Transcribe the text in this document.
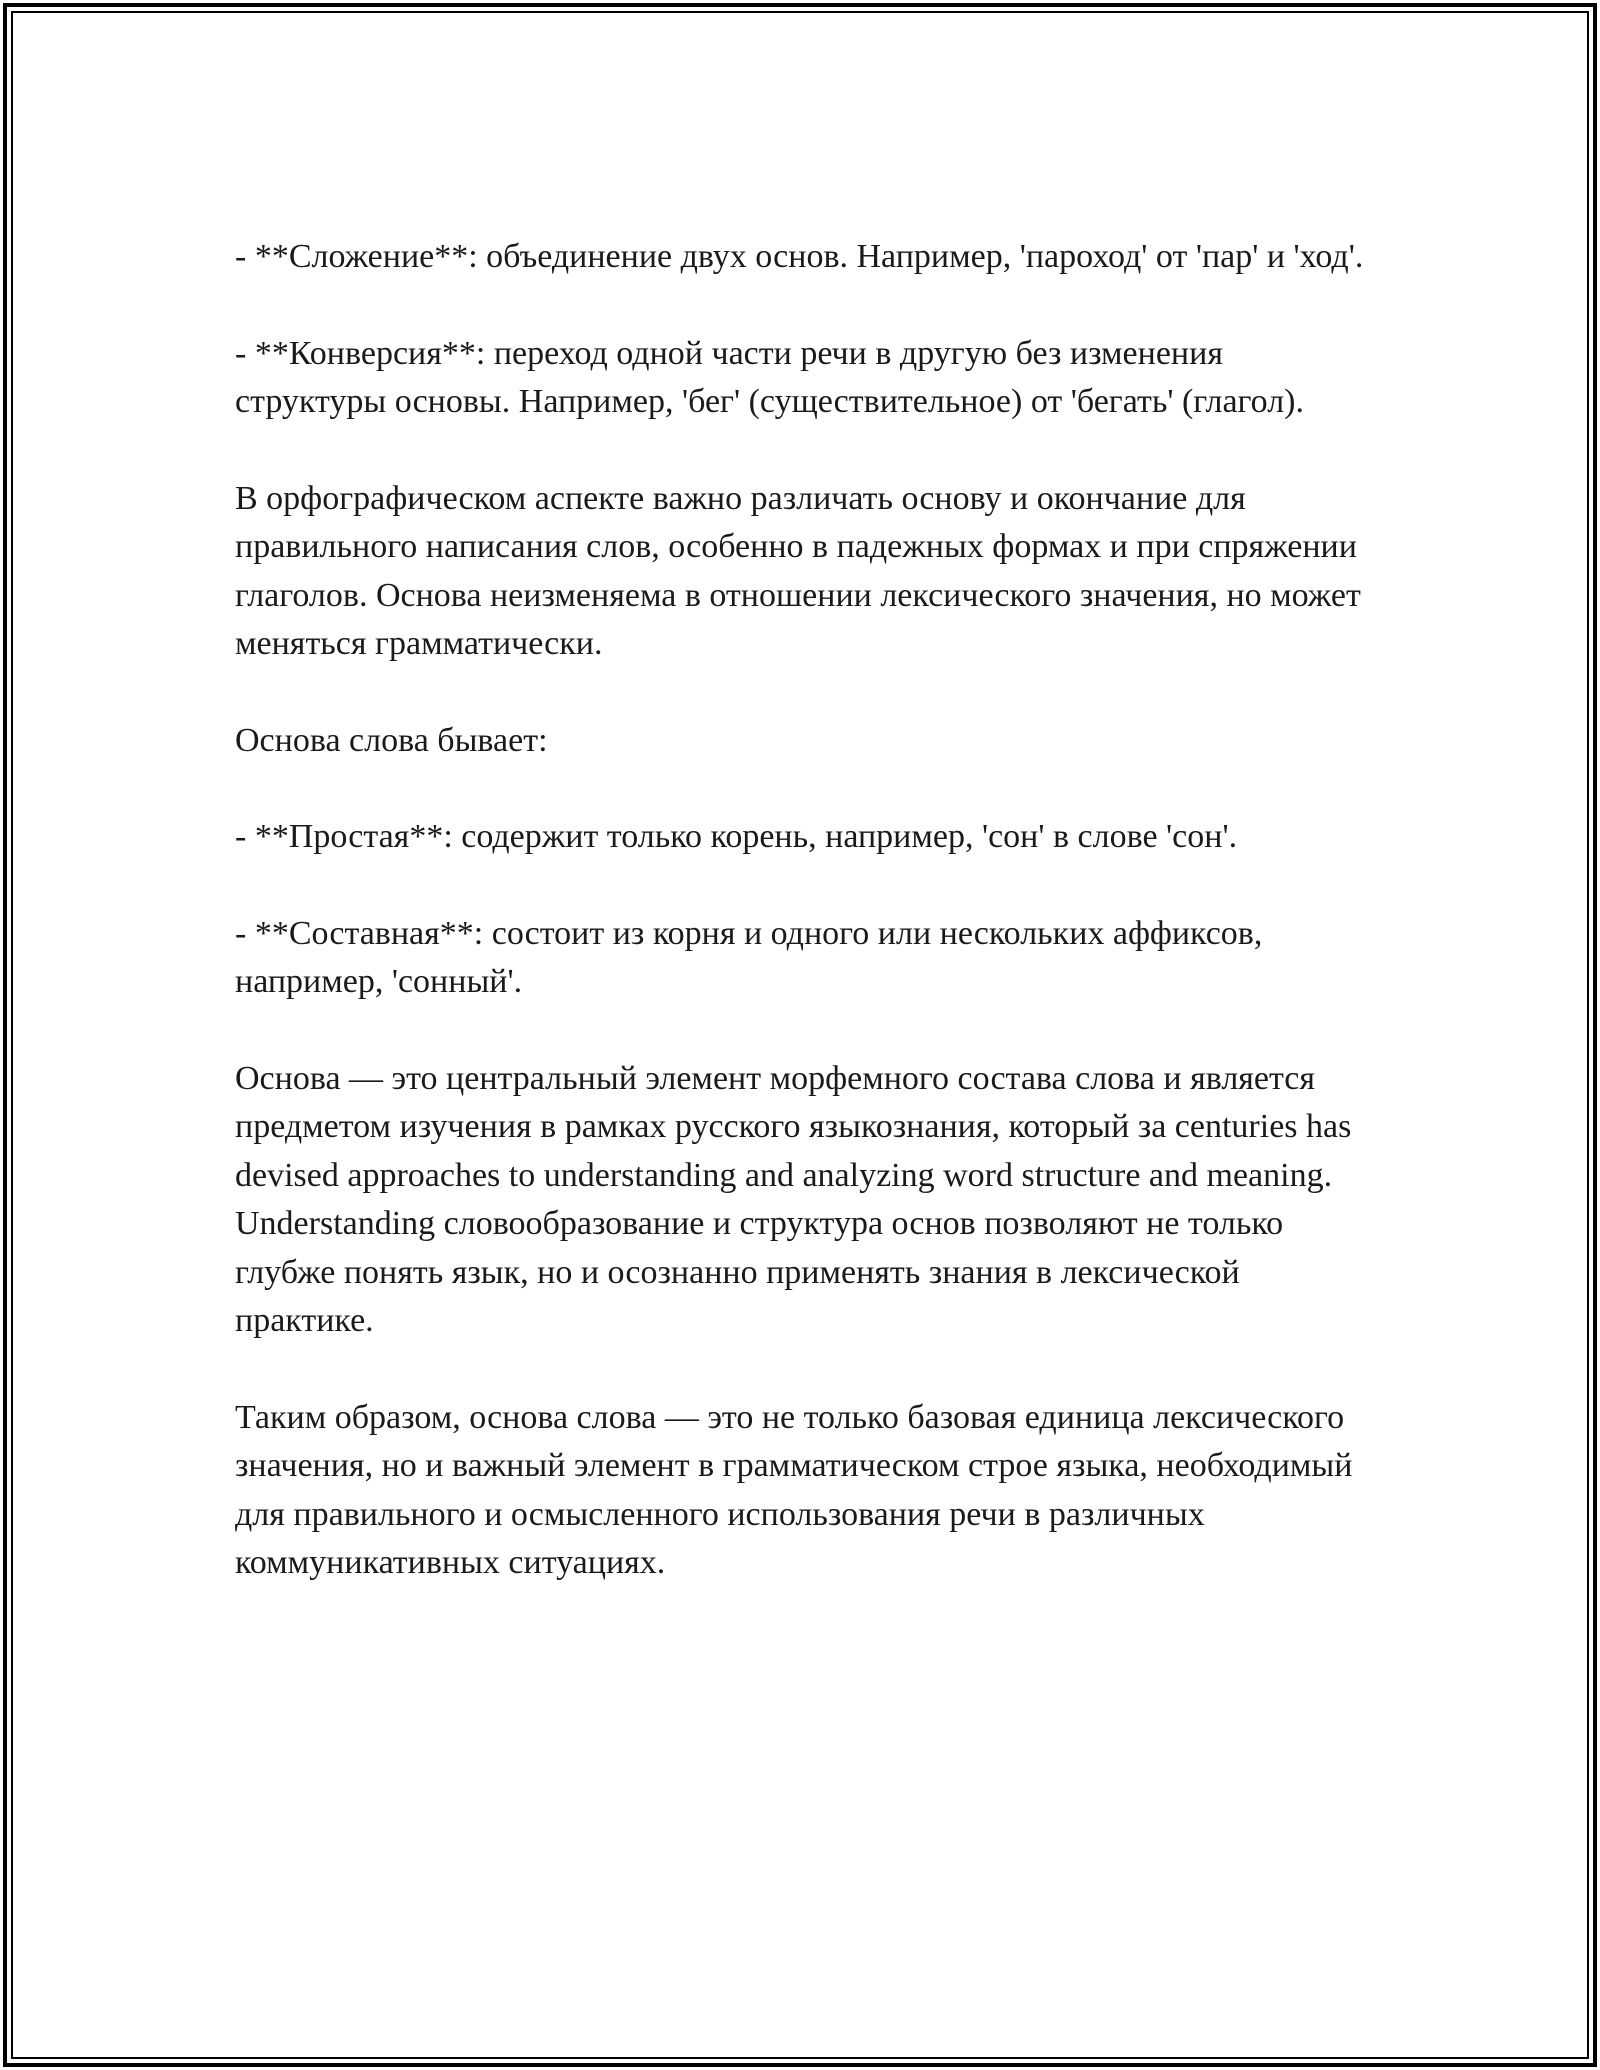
- **Сложение**: объединение двух основ. Например, 'пароход' от 'пар' и 'ход'.

- **Конверсия**: переход одной части речи в другую без изменения структуры основы. Например, 'бег' (существительное) от 'бегать' (глагол).

В орфографическом аспекте важно различать основу и окончание для правильного написания слов, особенно в падежных формах и при спряжении глаголов. Основа неизменяема в отношении лексического значения, но может меняться грамматически.

Основа слова бывает:

- **Простая**: содержит только корень, например, 'сон' в слове 'сон'.

- **Составная**: состоит из корня и одного или нескольких аффиксов, например, 'сонный'.

Основа — это центральный элемент морфемного состава слова и является предметом изучения в рамках русского языкознания, который за centuries has devised approaches to understanding and analyzing word structure and meaning. Understanding словообразование и структура основ позволяют не только глубже понять язык, но и осознанно применять знания в лексической практике.

Таким образом, основа слова — это не только базовая единица лексического значения, но и важный элемент в грамматическом строе языка, необходимый для правильного и осмысленного использования речи в различных коммуникативных ситуациях.
